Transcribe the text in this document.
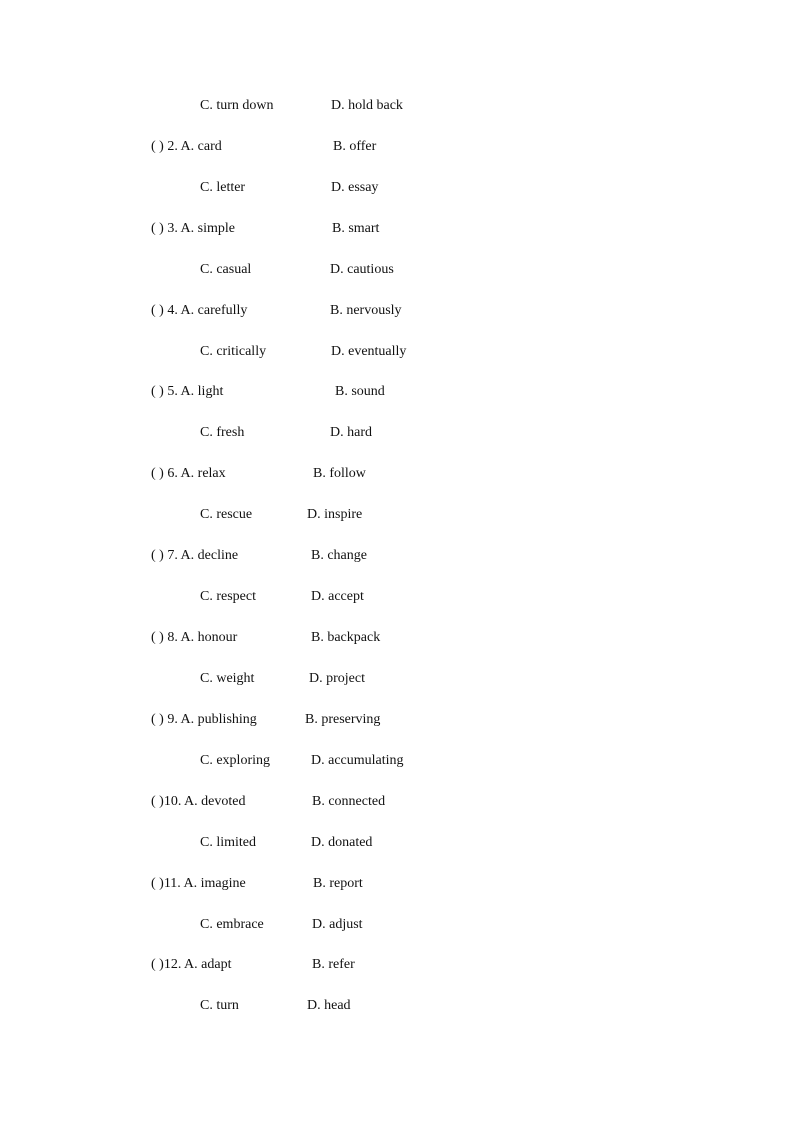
C. turn down	D. hold back
( ) 2. A. card	B. offer
C. letter	D. essay
( ) 3. A. simple	B. smart
C. casual	D. cautious
( ) 4. A. carefully	B. nervously
C. critically	D. eventually
( ) 5. A. light	B. sound
C. fresh	D. hard
( ) 6. A. relax	B. follow
C. rescue	D. inspire
( ) 7. A. decline	B. change
C. respect	D. accept
( ) 8. A. honour	B. backpack
C. weight	D. project
( ) 9. A. publishing	B. preserving
C. exploring	D. accumulating
( )10. A. devoted	B. connected
C. limited	D. donated
( )11. A. imagine	B. report
C. embrace	D. adjust
( )12. A. adapt	B. refer
C. turn	D. head
